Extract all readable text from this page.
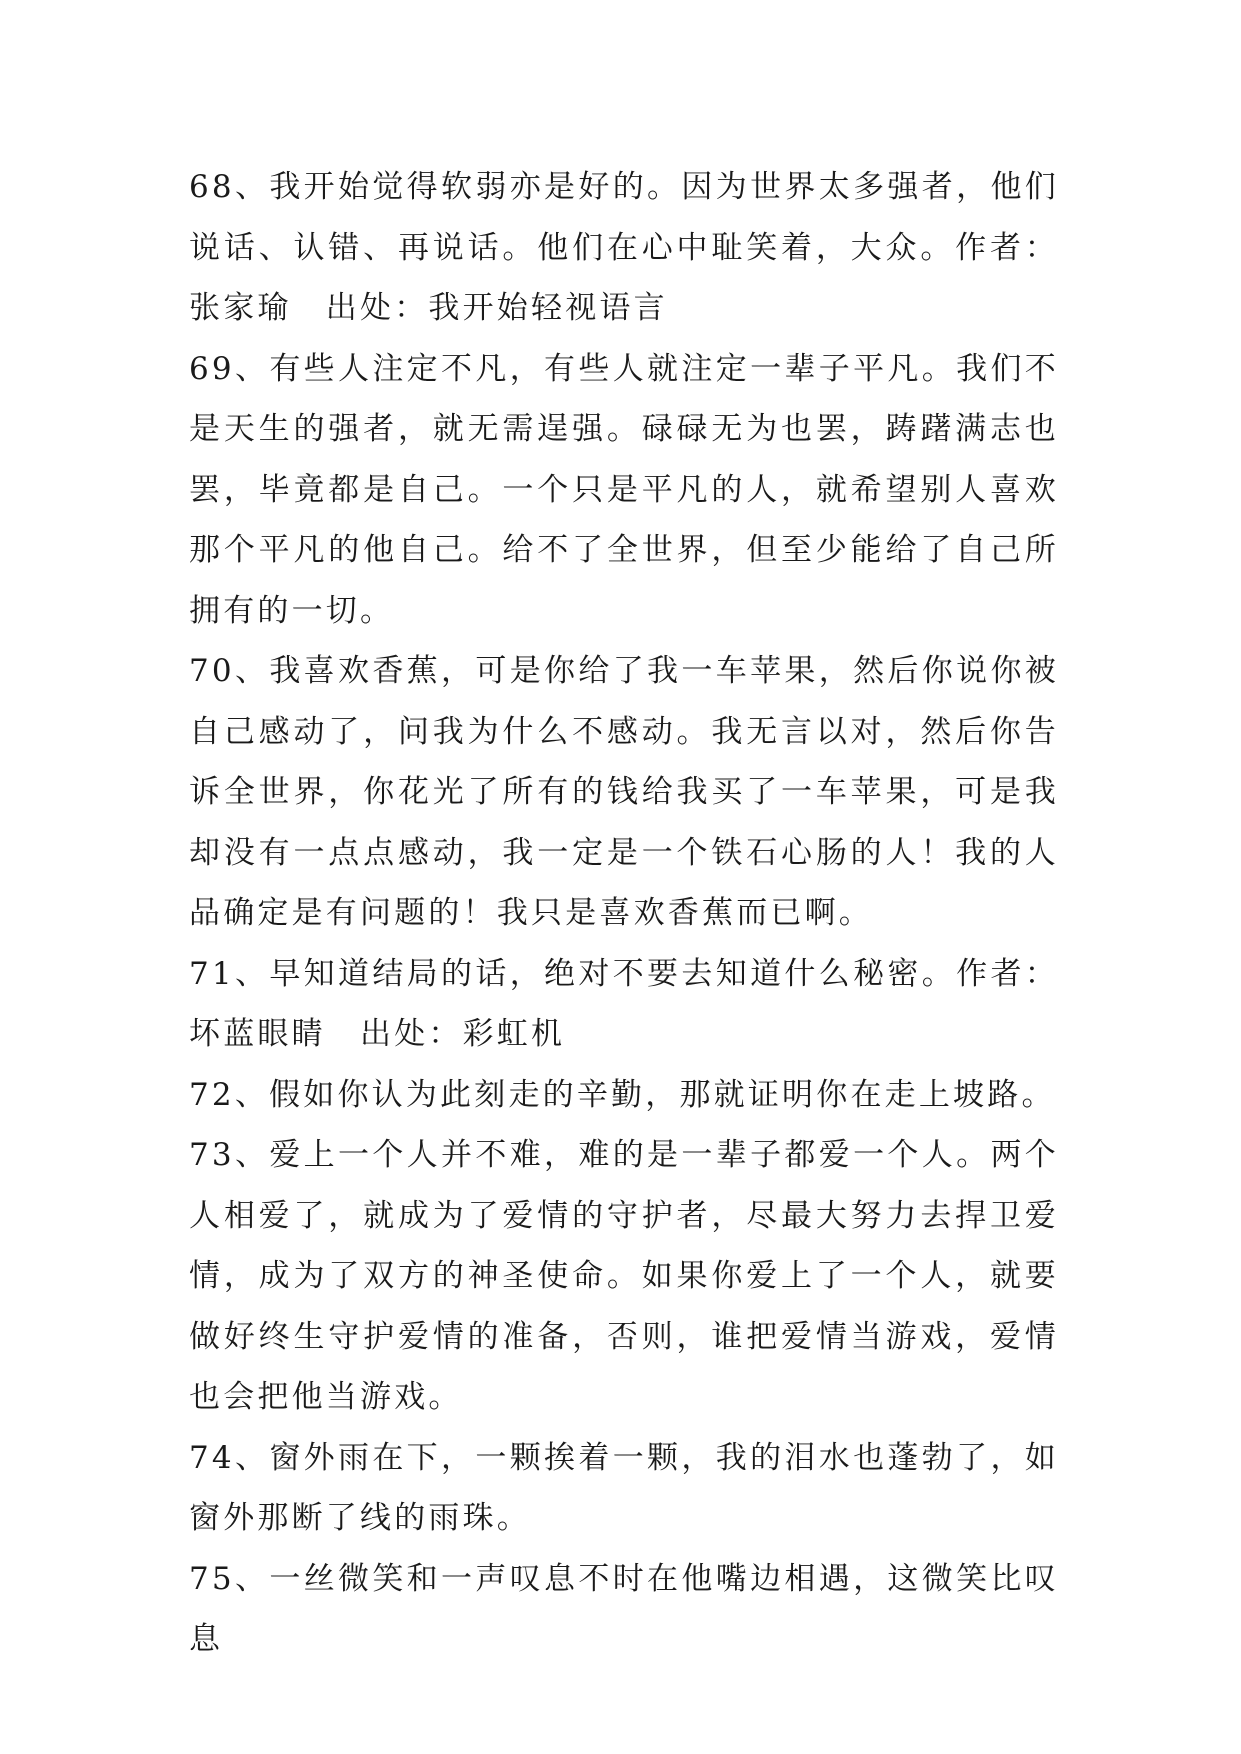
68、我开始觉得软弱亦是好的。因为世界太多强者，他们说话、认错、再说话。他们在心中耻笑着，大众。作者：张家瑜　出处：我开始轻视语言

69、有些人注定不凡，有些人就注定一辈子平凡。我们不是天生的强者，就无需逞强。碌碌无为也罢，踌躇满志也罢，毕竟都是自己。一个只是平凡的人，就希望别人喜欢那个平凡的他自己。给不了全世界，但至少能给了自己所拥有的一切。

70、我喜欢香蕉，可是你给了我一车苹果，然后你说你被自己感动了，问我为什么不感动。我无言以对，然后你告诉全世界，你花光了所有的钱给我买了一车苹果，可是我却没有一点点感动，我一定是一个铁石心肠的人！我的人品确定是有问题的！我只是喜欢香蕉而已啊。

71、早知道结局的话，绝对不要去知道什么秘密。作者：坏蓝眼睛　出处：彩虹机

72、假如你认为此刻走的辛勤，那就证明你在走上坡路。

73、爱上一个人并不难，难的是一辈子都爱一个人。两个人相爱了，就成为了爱情的守护者，尽最大努力去捍卫爱情，成为了双方的神圣使命。如果你爱上了一个人，就要做好终生守护爱情的准备，否则，谁把爱情当游戏，爱情也会把他当游戏。

74、窗外雨在下，一颗挨着一颗，我的泪水也蓬勃了，如窗外那断了线的雨珠。

75、一丝微笑和一声叹息不时在他嘴边相遇，这微笑比叹息
